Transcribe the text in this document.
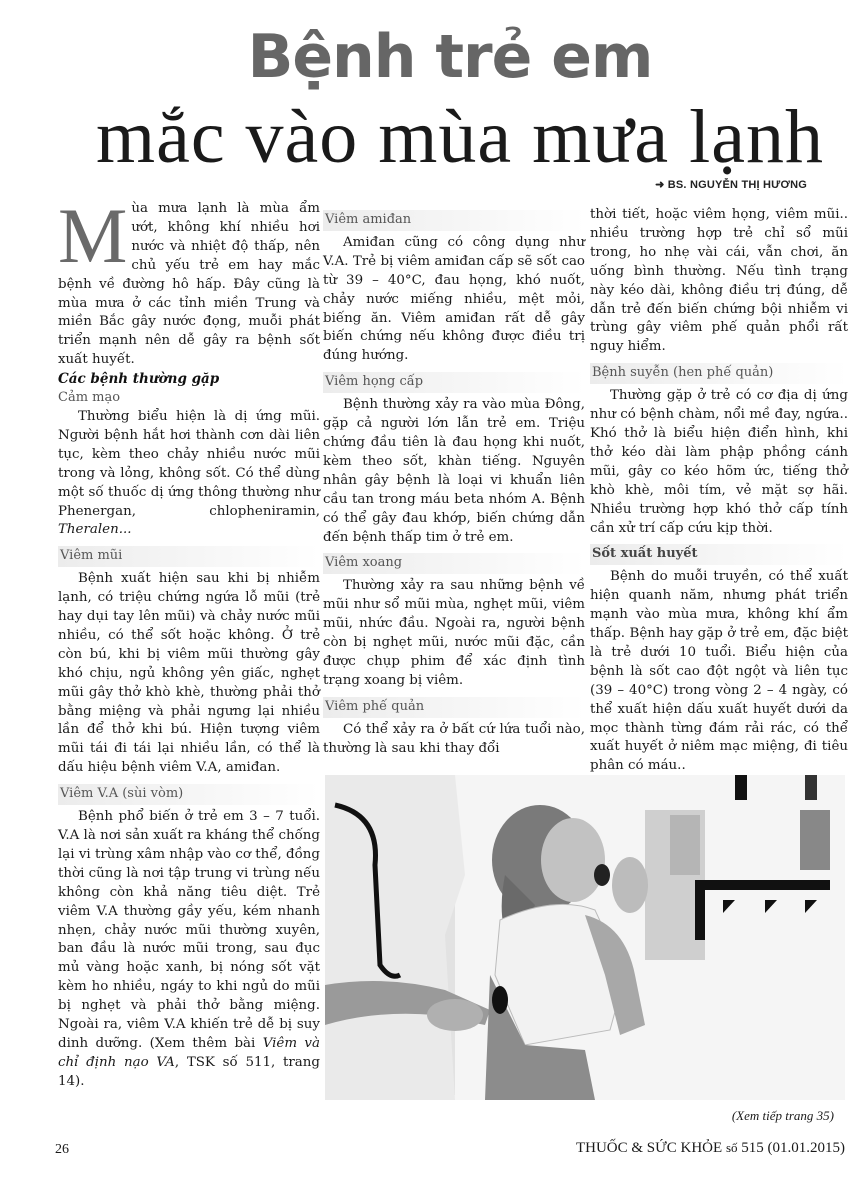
Bệnh trẻ em
mắc vào mùa mưa lạnh
➜ BS. NGUYỄN THỊ HƯƠNG

Mùa mưa lạnh là mùa ẩm ướt, không khí nhiều hơi nước và nhiệt độ thấp, nên chủ yếu trẻ em hay mắc bệnh về đường hô hấp. Đây cũng là mùa mưa ở các tỉnh miền Trung và miền Bắc gây nước đọng, muỗi phát triển mạnh nên dễ gây ra bệnh sốt xuất huyết.

Các bệnh thường gặp

Cảm mạo

Thường biểu hiện là dị ứng mũi. Người bệnh hắt hơi thành cơn dài liên tục, kèm theo chảy nhiều nước mũi trong và lỏng, không sốt. Có thể dùng một số thuốc dị ứng thông thường như Phenergan, chlopheniramin, Theralen...

Viêm mũi

Bệnh xuất hiện sau khi bị nhiễm lạnh, có triệu chứng ngứa lỗ mũi (trẻ hay dụi tay lên mũi) và chảy nước mũi nhiều, có thể sốt hoặc không. Ở trẻ còn bú, khi bị viêm mũi thường gây khó chịu, ngủ không yên giấc, nghẹt mũi gây thở khò khè, thường phải thở bằng miệng và phải ngưng lại nhiều lần để thở khi bú. Hiện tượng viêm mũi tái đi tái lại nhiều lần, có thể là dấu hiệu bệnh viêm V.A, amiđan.

Viêm V.A (sùi vòm)

Bệnh phổ biến ở trẻ em 3 – 7 tuổi. V.A là nơi sản xuất ra kháng thể chống lại vi trùng xâm nhập vào cơ thể, đồng thời cũng là nơi tập trung vi trùng nếu không còn khả năng tiêu diệt. Trẻ viêm V.A thường gầy yếu, kém nhanh nhẹn, chảy nước mũi thường xuyên, ban đầu là nước mũi trong, sau đục mủ vàng hoặc xanh, bị nóng sốt vặt kèm ho nhiều, ngáy to khi ngủ do mũi bị nghẹt và phải thở bằng miệng. Ngoài ra, viêm V.A khiến trẻ dễ bị suy dinh dưỡng. (Xem thêm bài Viêm và chỉ định nạo VA, TSK số 511, trang 14).

Viêm amiđan

Amiđan cũng có công dụng như V.A. Trẻ bị viêm amiđan cấp sẽ sốt cao từ 39 – 40°C, đau họng, khó nuốt, chảy nước miếng nhiều, mệt mỏi, biếng ăn. Viêm amiđan rất dễ gây biến chứng nếu không được điều trị đúng hướng.

Viêm họng cấp

Bệnh thường xảy ra vào mùa Đông, gặp cả người lớn lẫn trẻ em. Triệu chứng đầu tiên là đau họng khi nuốt, kèm theo sốt, khàn tiếng. Nguyên nhân gây bệnh là loại vi khuẩn liên cầu tan trong máu beta nhóm A. Bệnh có thể gây đau khớp, biến chứng dẫn đến bệnh thấp tim ở trẻ em.

Viêm xoang

Thường xảy ra sau những bệnh về mũi như sổ mũi mùa, nghẹt mũi, viêm mũi, nhức đầu. Ngoài ra, người bệnh còn bị nghẹt mũi, nước mũi đặc, cần được chụp phim để xác định tình trạng xoang bị viêm.

Viêm phế quản

Có thể xảy ra ở bất cứ lứa tuổi nào, thường là sau khi thay đổi

thời tiết, hoặc viêm họng, viêm mũi.. nhiều trường hợp trẻ chỉ sổ mũi trong, ho nhẹ vài cái, vẫn chơi, ăn uống bình thường. Nếu tình trạng này kéo dài, không điều trị đúng, dễ dẫn trẻ đến biến chứng bội nhiễm vi trùng gây viêm phế quản phổi rất nguy hiểm.

Bệnh suyễn (hen phế quản)

Thường gặp ở trẻ có cơ địa dị ứng như có bệnh chàm, nổi mề đay, ngứa.. Khó thở là biểu hiện điển hình, khi thở kéo dài làm phập phồng cánh mũi, gây co kéo hõm ức, tiếng thở khò khè, môi tím, vẻ mặt sợ hãi. Nhiều trường hợp khó thở cấp tính cần xử trí cấp cứu kịp thời.

Sốt xuất huyết

Bệnh do muỗi truyền, có thể xuất hiện quanh năm, nhưng phát triển mạnh vào mùa mưa, không khí ẩm thấp. Bệnh hay gặp ở trẻ em, đặc biệt là trẻ dưới 10 tuổi. Biểu hiện của bệnh là sốt cao đột ngột và liên tục (39 – 40°C) trong vòng 2 – 4 ngày, có thể xuất hiện dấu xuất huyết dưới da mọc thành từng đám rải rác, có thể xuất huyết ở niêm mạc miệng, đi tiêu phân có máu..

(Xem tiếp trang 35)
26	THUỐC & SỨC KHỎE số 515 (01.01.2015)
